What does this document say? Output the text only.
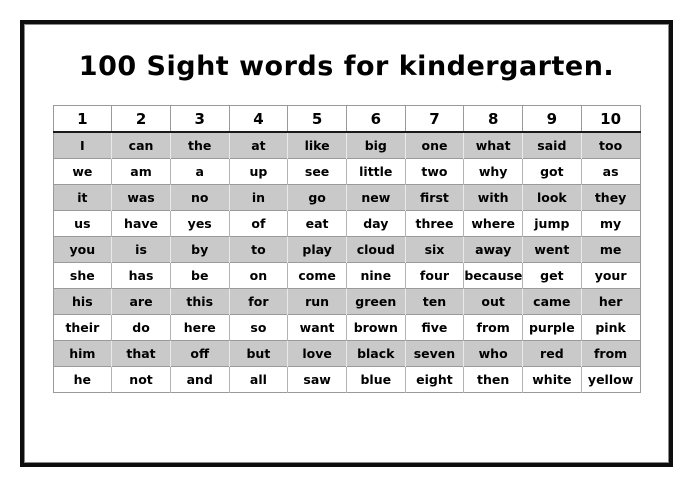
100 Sight words for kindergarten.
1	2	3	4	5	6	7	8	9	10
I	can	the	at	like	big	one	what	said	too
we	am	a	up	see	little	two	why	got	as
it	was	no	in	go	new	first	with	look	they
us	have	yes	of	eat	day	three	where	jump	my
you	is	by	to	play	cloud	six	away	went	me
she	has	be	on	come	nine	four	because	get	your
his	are	this	for	run	green	ten	out	came	her
their	do	here	so	want	brown	five	from	purple	pink
him	that	off	but	love	black	seven	who	red	from
he	not	and	all	saw	blue	eight	then	white	yellow
